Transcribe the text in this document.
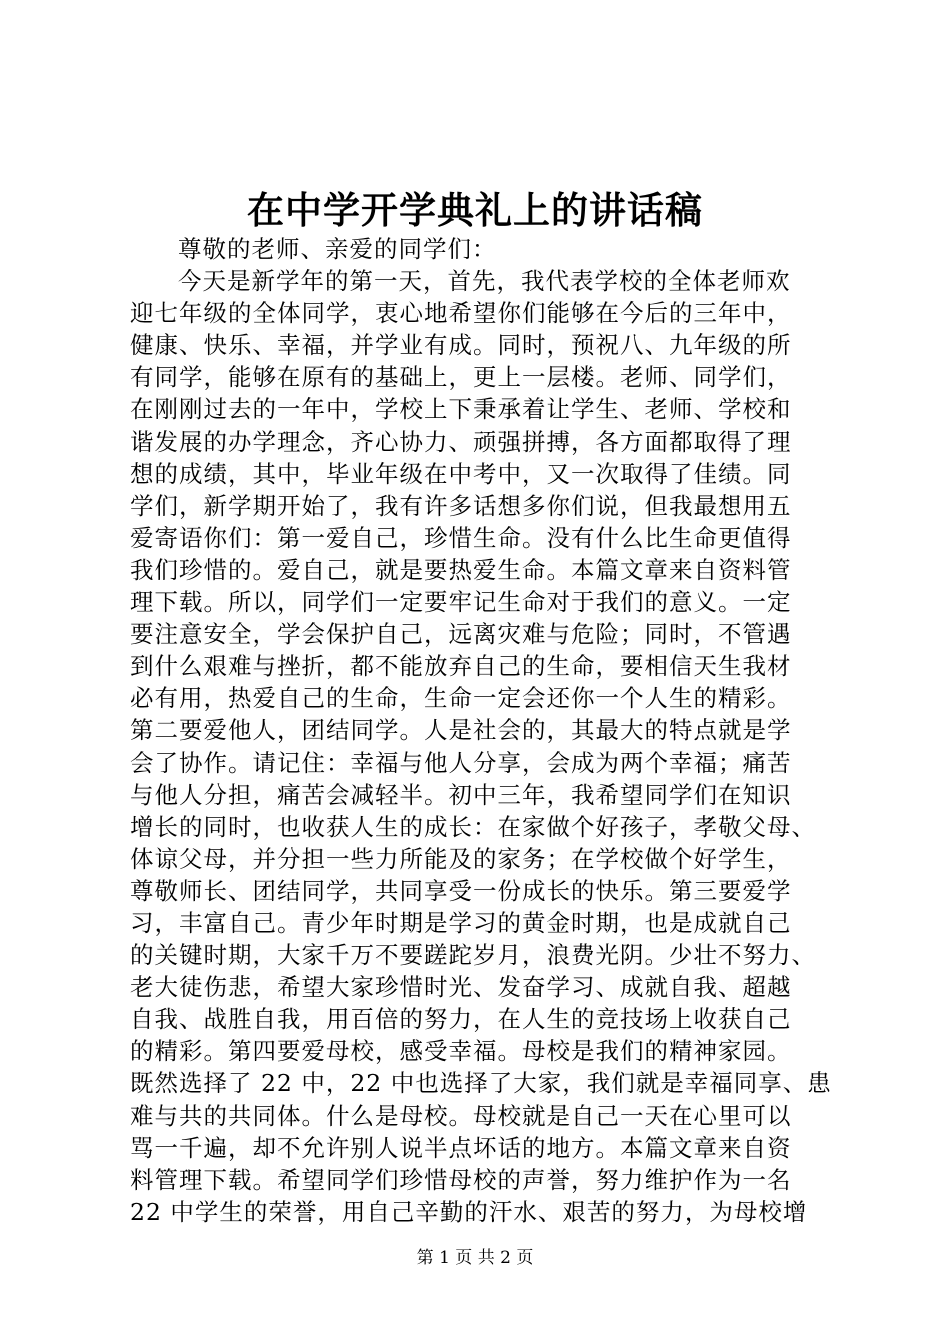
在中学开学典礼上的讲话稿
尊敬的老师、亲爱的同学们：
今天是新学年的第一天，首先，我代表学校的全体老师欢
迎七年级的全体同学，衷心地希望你们能够在今后的三年中，
健康、快乐、幸福，并学业有成。同时，预祝八、九年级的所
有同学，能够在原有的基础上，更上一层楼。老师、同学们，
在刚刚过去的一年中，学校上下秉承着让学生、老师、学校和
谐发展的办学理念，齐心协力、顽强拼搏，各方面都取得了理
想的成绩，其中，毕业年级在中考中，又一次取得了佳绩。同
学们，新学期开始了，我有许多话想多你们说，但我最想用五
爱寄语你们：第一爱自己，珍惜生命。没有什么比生命更值得
我们珍惜的。爱自己，就是要热爱生命。本篇文章来自资料管
理下载。所以，同学们一定要牢记生命对于我们的意义。一定
要注意安全，学会保护自己，远离灾难与危险；同时，不管遇
到什么艰难与挫折，都不能放弃自己的生命，要相信天生我材
必有用，热爱自己的生命，生命一定会还你一个人生的精彩。
第二要爱他人，团结同学。人是社会的，其最大的特点就是学
会了协作。请记住：幸福与他人分享，会成为两个幸福；痛苦
与他人分担，痛苦会减轻半。初中三年，我希望同学们在知识
增长的同时，也收获人生的成长：在家做个好孩子，孝敬父母、
体谅父母，并分担一些力所能及的家务；在学校做个好学生，
尊敬师长、团结同学，共同享受一份成长的快乐。第三要爱学
习，丰富自己。青少年时期是学习的黄金时期，也是成就自己
的关键时期，大家千万不要蹉跎岁月，浪费光阴。少壮不努力、
老大徒伤悲，希望大家珍惜时光、发奋学习、成就自我、超越
自我、战胜自我，用百倍的努力，在人生的竞技场上收获自己
的精彩。第四要爱母校，感受幸福。母校是我们的精神家园。
既然选择了 22 中，22 中也选择了大家，我们就是幸福同享、患
难与共的共同体。什么是母校。母校就是自己一天在心里可以
骂一千遍，却不允许别人说半点坏话的地方。本篇文章来自资
料管理下载。希望同学们珍惜母校的声誉，努力维护作为一名
22 中学生的荣誉，用自己辛勤的汗水、艰苦的努力，为母校增
第 1 页 共 2 页
